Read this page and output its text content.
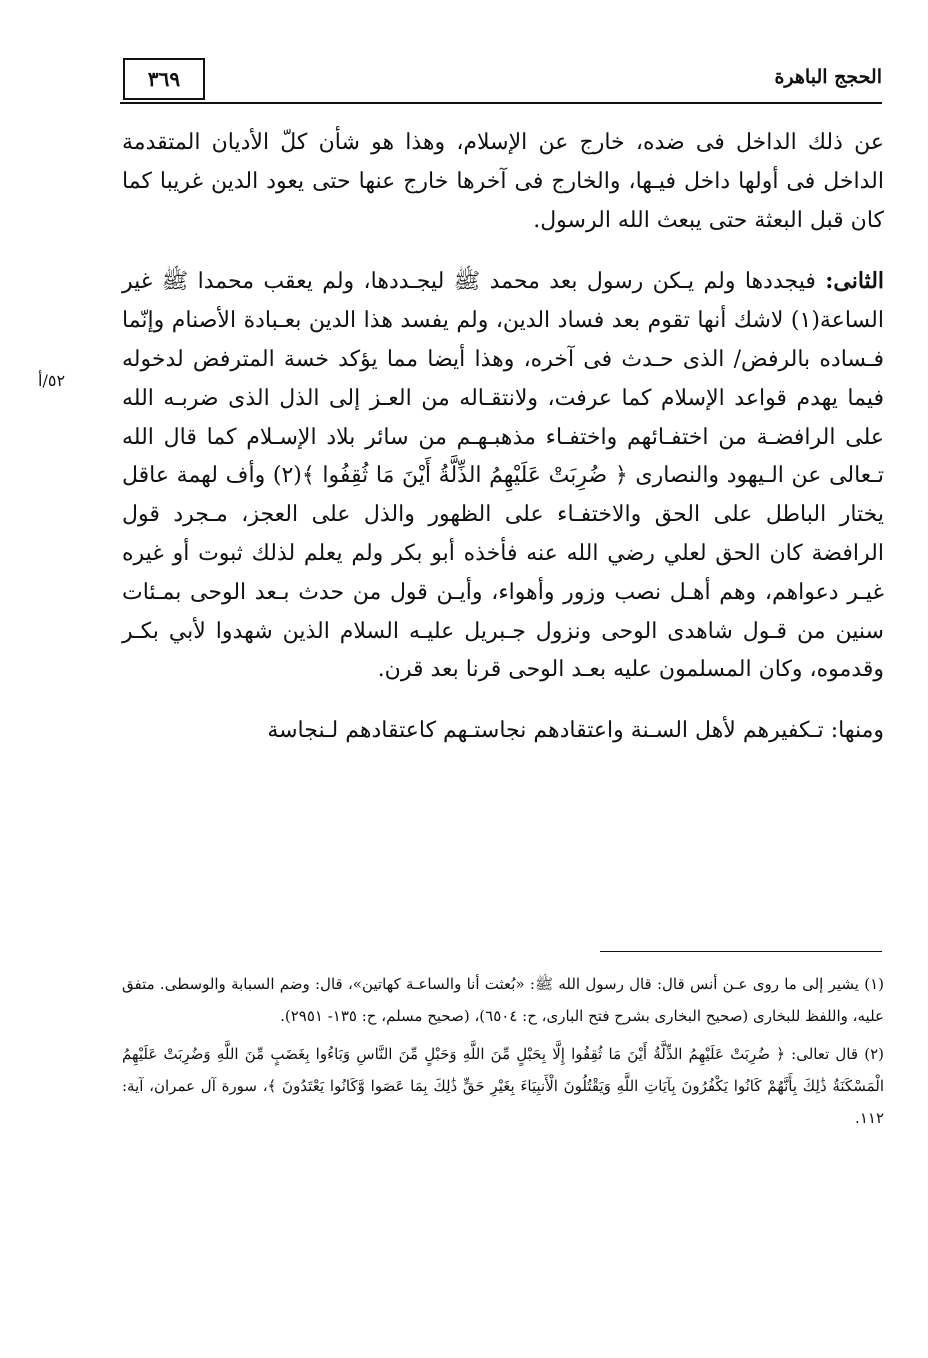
٣٦٩	الحجج الباهرة
٥٢/أ

عن ذلك الداخل فى ضده، خارج عن الإسلام، وهذا هو شأن كلّ الأديان المتقدمة الداخل فى أولها داخل فيـها، والخارج فى آخرها خارج عنها حتى يعود الدين غريبا كما كان قبل البعثة حتى يبعث الله الرسول.

الثانى: فيجددها ولم يـكن رسول بعد محمد ﷺ ليجـددها، ولم يعقب محمدا ﷺ غير الساعة(١) لاشك أنها تقوم بعد فساد الدين، ولم يفسد هذا الدين بعـبادة الأصنام وإنّما فـساده بالرفض/ الذى حـدث فى آخره، وهذا أيضا مما يؤكد خسة المترفض لدخوله فيما يهدم قواعد الإسلام كما عرفت، ولانتقـاله من العـز إلى الذل الذى ضربـه الله على الرافضـة من اختفـائهم واختفـاء مذهبـهـم من سائر بلاد الإسـلام كما قال الله تـعالى عن الـيهود والنصارى ﴿ ضُرِبَتْ عَلَيْهِمُ الذِّلَّةُ أَيْنَ مَا ثُقِفُوا ﴾(٢) وأف لهمة عاقل يختار الباطل على الحق والاختفـاء على الظهور والذل على العجز، مـجرد قول الرافضة كان الحق لعلي رضي الله عنه فأخذه أبو بكر ولم يعلم لذلك ثبوت أو غيره غيـر دعواهم، وهم أهـل نصب وزور وأهواء، وأيـن قول من حدث بـعد الوحى بمـئات سنين من قـول شاهدى الوحى ونزول جـبريل عليـه السلام الذين شهدوا لأبي بكـر وقدموه، وكان المسلمون عليه بعـد الوحى قرنا بعد قرن.

ومنها: تـكفيرهم لأهل السـنة واعتقادهم نجاستـهم كاعتقادهم لـنجاسة

(١) يشير إلى ما روى عـن أنس قال: قال رسول الله ﷺ: «بُعثت أنا والساعـة كهاتين»، قال: وضم السبابة والوسطى. متفق عليه، واللفظ للبخارى (صحيح البخارى بشرح فتح البارى، ح: ٦٥٠٤)، (صحيح مسلم، ح: ١٣٥- ٢٩٥١).

(٢) قال تعالى: ﴿ ضُرِبَتْ عَلَيْهِمُ الذِّلَّةُ أَيْنَ مَا ثُقِفُوا إِلَّا بِحَبْلٍ مِّنَ اللَّهِ وَحَبْلٍ مِّنَ النَّاسِ وَبَاءُوا بِغَضَبٍ مِّنَ اللَّهِ وَضُرِبَتْ عَلَيْهِمُ الْمَسْكَنَةُ ذَٰلِكَ بِأَنَّهُمْ كَانُوا يَكْفُرُونَ بِآيَاتِ اللَّهِ وَيَقْتُلُونَ الْأَنبِيَاءَ بِغَيْرِ حَقٍّ ذَٰلِكَ بِمَا عَصَوا وَّكَانُوا يَعْتَدُونَ ﴾، سورة آل عمران، آية: ١١٢.
